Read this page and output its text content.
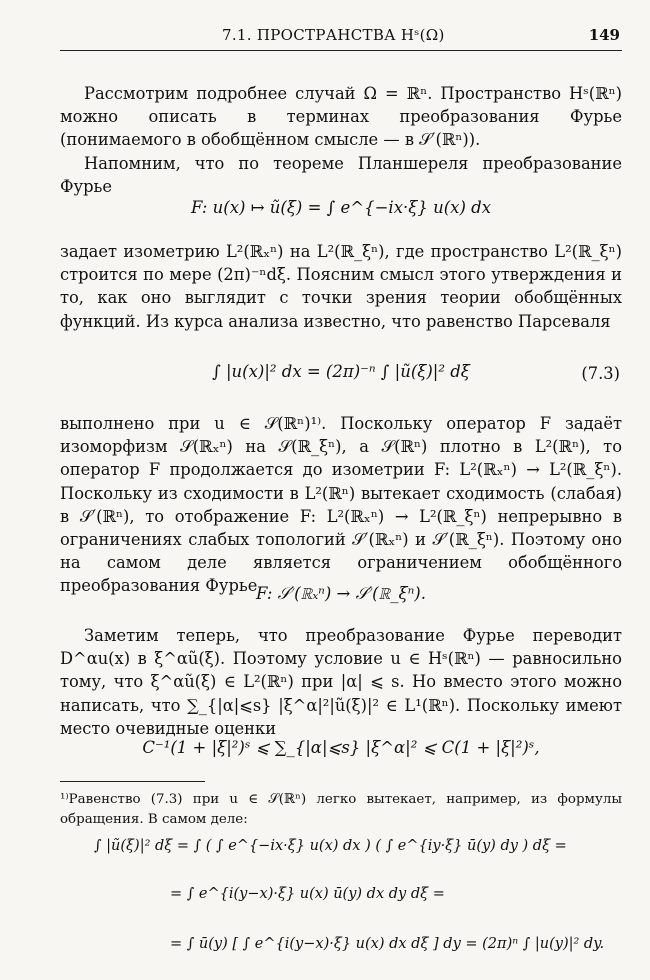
7.1. ПРОСТРАНСТВА Hˢ(Ω)	149
Рассмотрим подробнее случай Ω = ℝⁿ. Пространство Hˢ(ℝⁿ) можно описать в терминах преобразования Фурье (понимаемого в обобщённом смысле — в 𝒮′(ℝⁿ)).
Напомним, что по теореме Планшереля преобразование Фурье
F: u(x) ↦ ũ(ξ) = ∫ e^{−ix·ξ} u(x) dx
задает изометрию L²(ℝₓⁿ) на L²(ℝ_ξⁿ), где пространство L²(ℝ_ξⁿ) строится по мере (2π)⁻ⁿdξ. Поясним смысл этого утверждения и то, как оно выглядит с точки зрения теории обобщённых функций. Из курса анализа известно, что равенство Парсеваля
∫ |u(x)|² dx = (2π)⁻ⁿ ∫ |ũ(ξ)|² dξ	(7.3)
выполнено при u ∈ 𝒮(ℝⁿ)¹⁾. Поскольку оператор F задаёт изоморфизм 𝒮(ℝₓⁿ) на 𝒮(ℝ_ξⁿ), а 𝒮(ℝⁿ) плотно в L²(ℝⁿ), то оператор F продолжается до изометрии F: L²(ℝₓⁿ) → L²(ℝ_ξⁿ). Поскольку из сходимости в L²(ℝⁿ) вытекает сходимость (слабая) в 𝒮′(ℝⁿ), то отображение F: L²(ℝₓⁿ) → L²(ℝ_ξⁿ) непрерывно в ограничениях слабых топологий 𝒮′(ℝₓⁿ) и 𝒮′(ℝ_ξⁿ). Поэтому оно на самом деле является ограничением обобщённого преобразования Фурье
F: 𝒮′(ℝₓⁿ) → 𝒮′(ℝ_ξⁿ).
Заметим теперь, что преобразование Фурье переводит D^αu(x) в ξ^αũ(ξ). Поэтому условие u ∈ Hˢ(ℝⁿ) — равносильно тому, что ξ^αũ(ξ) ∈ L²(ℝⁿ) при |α| ⩽ s. Но вместо этого можно написать, что ∑_{|α|⩽s} |ξ^α|²|ũ(ξ)|² ∈ L¹(ℝⁿ). Поскольку имеют место очевидные оценки
C⁻¹(1 + |ξ|²)ˢ ⩽ ∑_{|α|⩽s} |ξ^α|² ⩽ C(1 + |ξ|²)ˢ,
¹⁾Равенство (7.3) при u ∈ 𝒮(ℝⁿ) легко вытекает, например, из формулы обращения. В самом деле:
∫ |ũ(ξ)|² dξ = ∫ ( ∫ e^{−ix·ξ} u(x) dx ) ( ∫ e^{iy·ξ} ū(y) dy ) dξ =
= ∫ e^{i(y−x)·ξ} u(x) ū(y) dx dy dξ =
= ∫ ū(y) [ ∫ e^{i(y−x)·ξ} u(x) dx dξ ] dy = (2π)ⁿ ∫ |u(y)|² dy.
